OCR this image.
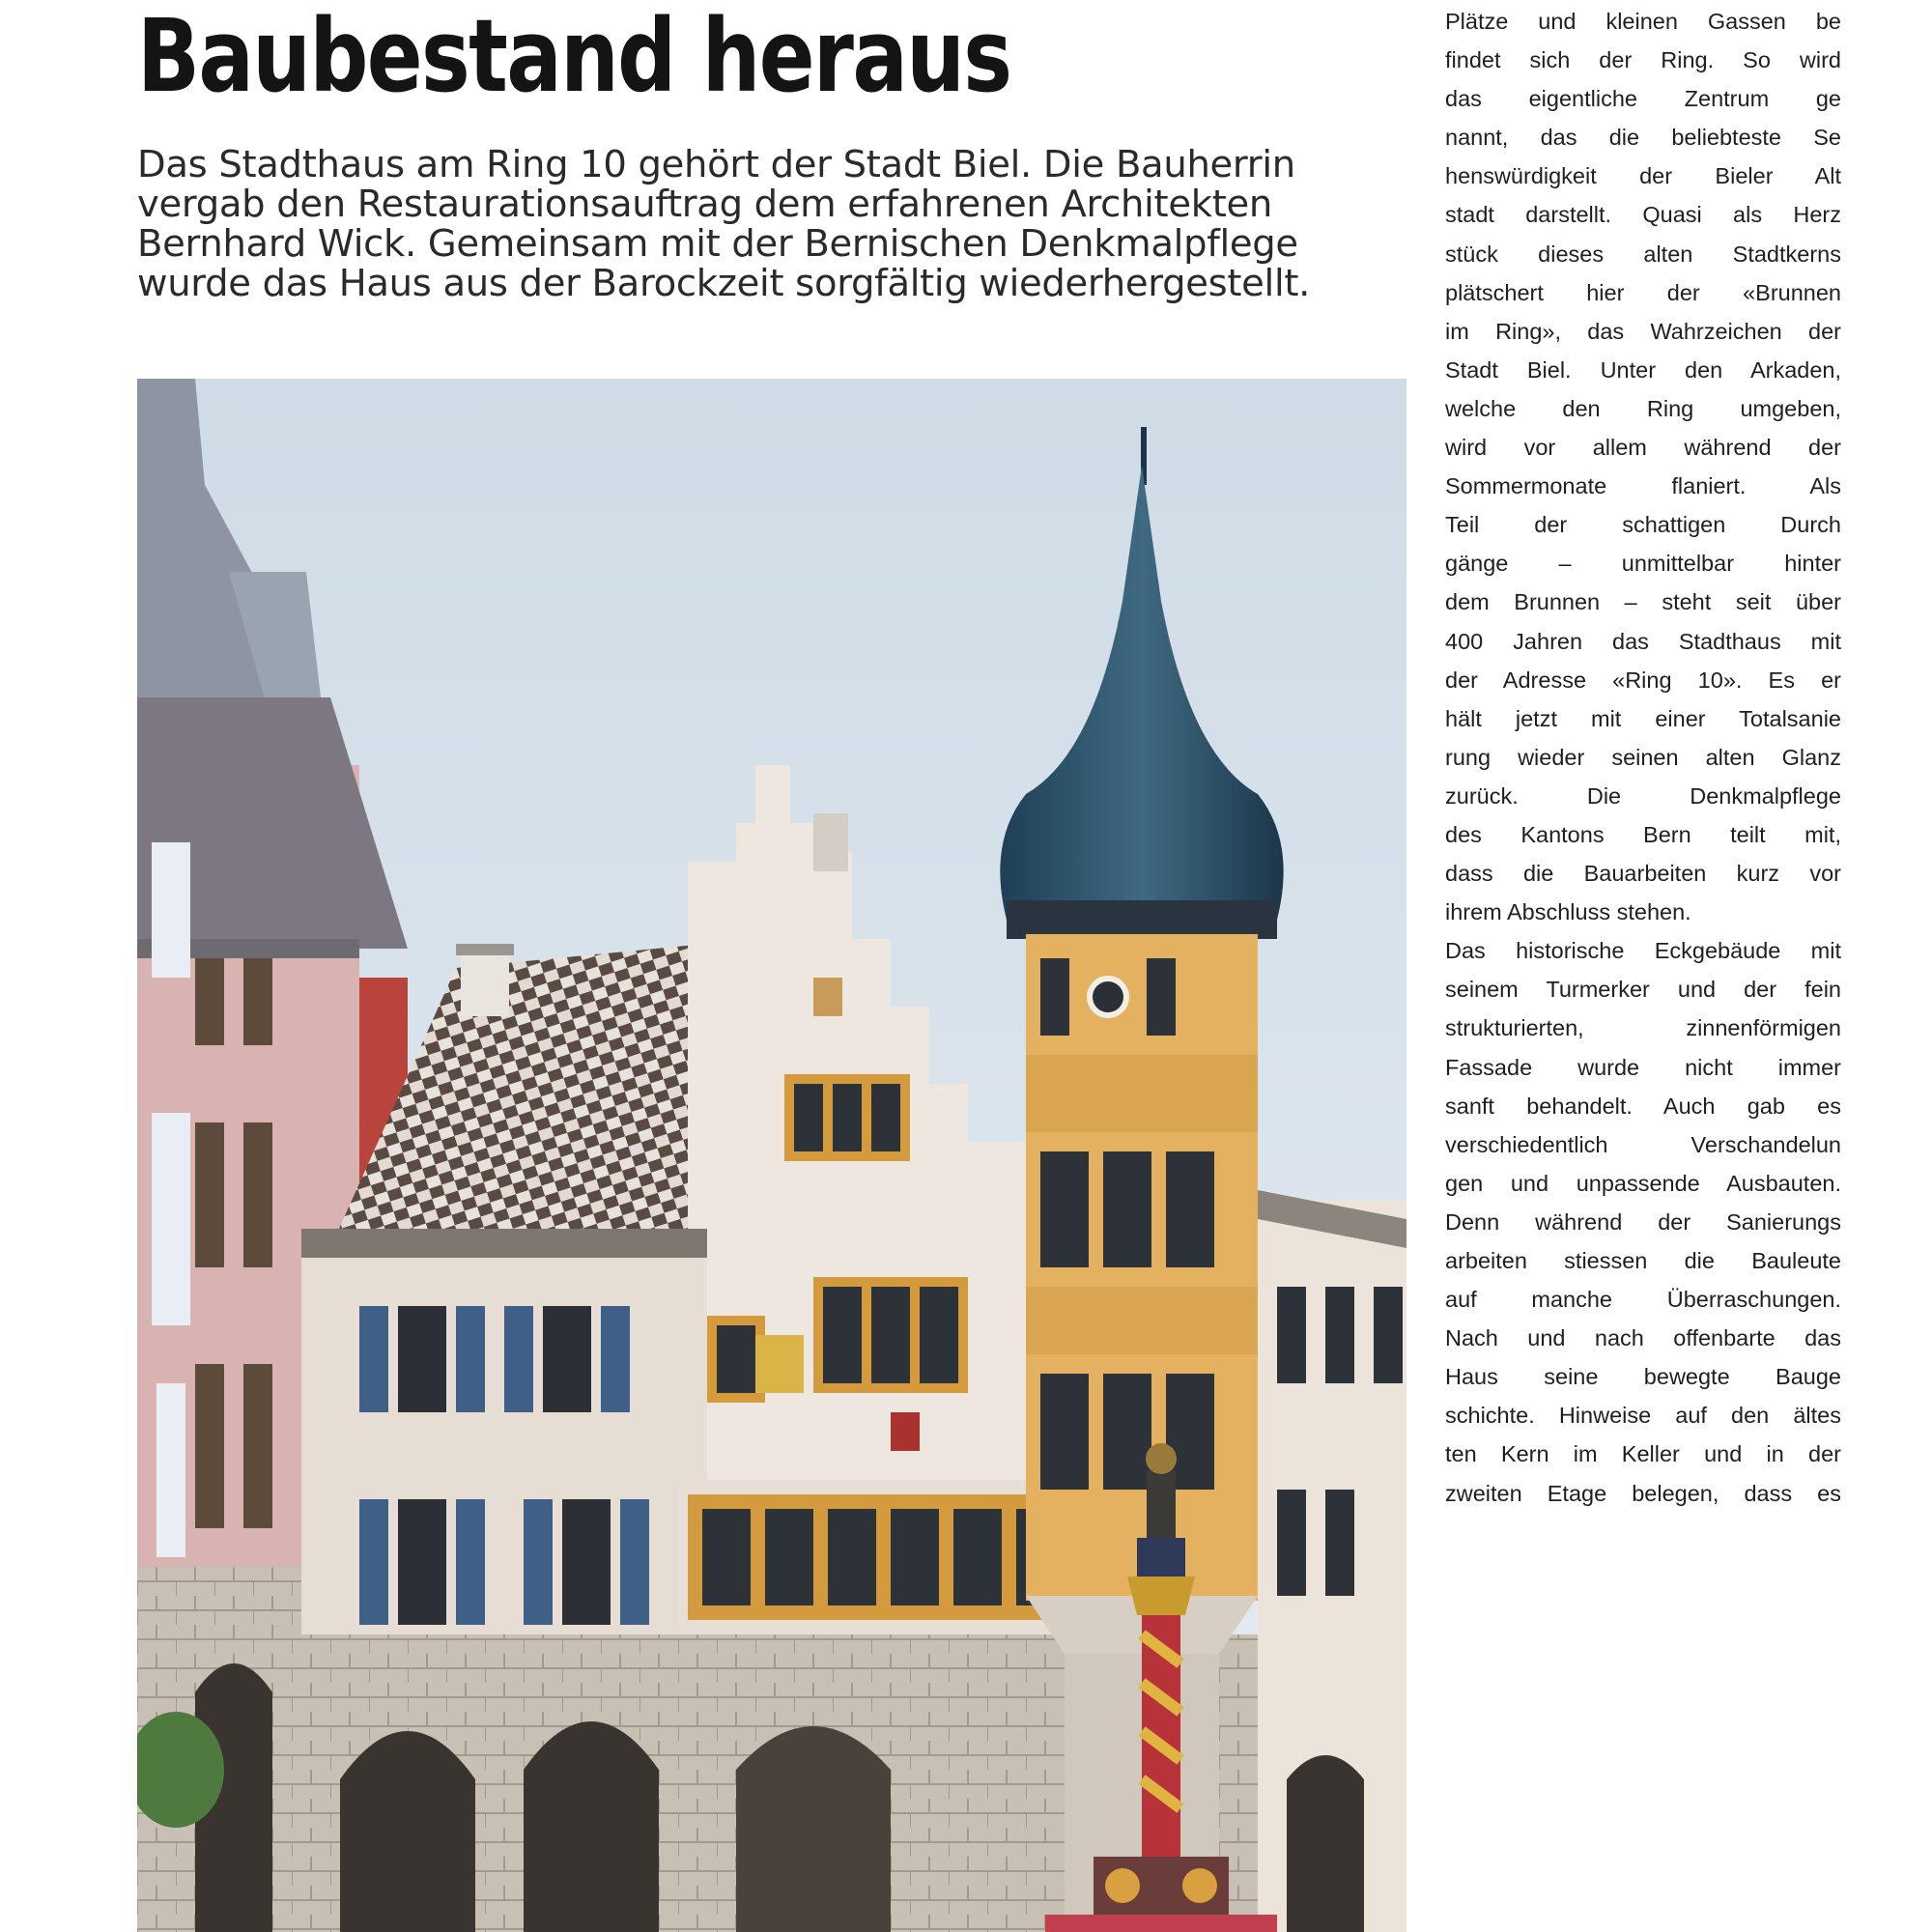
Baubestand heraus

Das Stadthaus am Ring 10 gehört der Stadt Biel. Die Bauherrin
vergab den Restaurationsauftrag dem erfahrenen Architekten
Bernhard Wick. Gemeinsam mit der Bernischen Denkmalpflege
wurde das Haus aus der Barockzeit sorgfältig wiederhergestellt.

Plätze und kleinen Gassen be
findet sich der Ring. So wird
das eigentliche Zentrum ge
nannt, das die beliebteste Se
henswürdigkeit der Bieler Alt
stadt darstellt. Quasi als Herz
stück dieses alten Stadtkerns
plätschert hier der «Brunnen
im Ring», das Wahrzeichen der
Stadt Biel. Unter den Arkaden,
welche den Ring umgeben,
wird vor allem während der
Sommermonate flaniert. Als
Teil der schattigen Durch
gänge – unmittelbar hinter
dem Brunnen – steht seit über
400 Jahren das Stadthaus mit
der Adresse «Ring 10». Es er
hält jetzt mit einer Totalsanie
rung wieder seinen alten Glanz
zurück. Die Denkmalpflege
des Kantons Bern teilt mit,
dass die Bauarbeiten kurz vor
ihrem Abschluss stehen.
Das historische Eckgebäude mit
seinem Turmerker und der fein
strukturierten, zinnenförmigen
Fassade wurde nicht immer
sanft behandelt. Auch gab es
verschiedentlich Verschandelun
gen und unpassende Ausbauten.
Denn während der Sanierungs
arbeiten stiessen die Bauleute
auf manche Überraschungen.
Nach und nach offenbarte das
Haus seine bewegte Bauge
schichte. Hinweise auf den ältes
ten Kern im Keller und in der
zweiten Etage belegen, dass es
